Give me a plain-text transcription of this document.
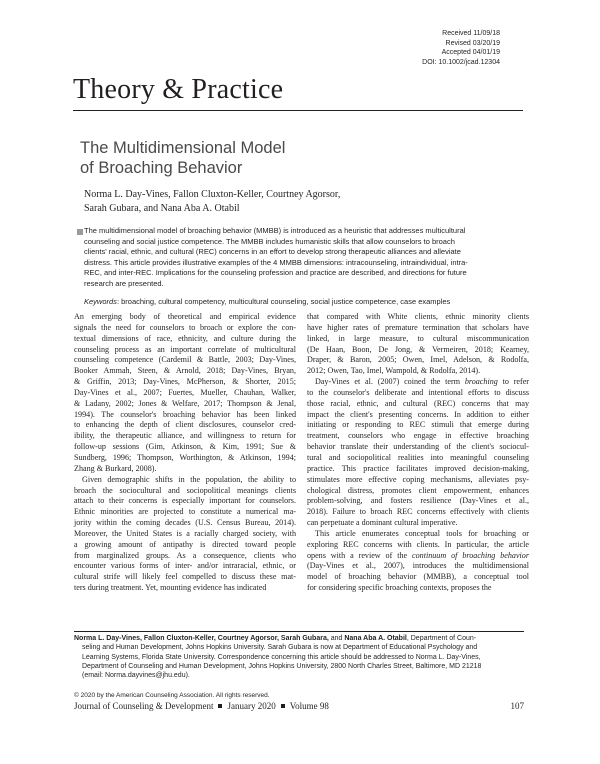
Received 11/09/18
Revised 03/20/19
Accepted 04/01/19
DOI: 10.1002/jcad.12304
Theory & Practice
The Multidimensional Model
of Broaching Behavior
Norma L. Day-Vines, Fallon Cluxton-Keller, Courtney Agorsor,
Sarah Gubara, and Nana Aba A. Otabil
The multidimensional model of broaching behavior (MMBB) is introduced as a heuristic that addresses multicultural
counseling and social justice competence. The MMBB includes humanistic skills that allow counselors to broach
clients' racial, ethnic, and cultural (REC) concerns in an effort to develop strong therapeutic alliances and alleviate
distress. This article provides illustrative examples of the 4 MMBB dimensions: intracounseling, intraindividual, intra-
REC, and inter-REC. Implications for the counseling profession and practice are described, and directions for future
research are presented.
Keywords: broaching, cultural competency, multicultural counseling, social justice competence, case examples
An emerging body of theoretical and empirical evidence
signals the need for counselors to broach or explore the con-
textual dimensions of race, ethnicity, and culture during the
counseling process as an important correlate of multicultural
counseling competence (Cardemil & Battle, 2003; Day-Vines,
Booker Ammah, Steen, & Arnold, 2018; Day-Vines, Bryan,
& Griffin, 2013; Day-Vines, McPherson, & Shorter, 2015;
Day-Vines et al., 2007; Fuertes, Mueller, Chauhan, Walker,
& Ladany, 2002; Jones & Welfare, 2017; Thompson & Jenal,
1994). The counselor's broaching behavior has been linked
to enhancing the depth of client disclosures, counselor cred-
ibility, the therapeutic alliance, and willingness to return for
follow-up sessions (Gim, Atkinson, & Kim, 1991; Sue &
Sundberg, 1996; Thompson, Worthington, & Atkinson, 1994;
Zhang & Burkard, 2008).
Given demographic shifts in the population, the ability to
broach the sociocultural and sociopolitical meanings clients
attach to their concerns is especially important for counselors.
Ethnic minorities are projected to constitute a numerical ma-
jority within the coming decades (U.S. Census Bureau, 2014).
Moreover, the United States is a racially charged society, with
a growing amount of antipathy is directed toward people
from marginalized groups. As a consequence, clients who
encounter various forms of inter- and/or intraracial, ethnic, or
cultural strife will likely feel compelled to discuss these mat-
ters during treatment. Yet, mounting evidence has indicated
that compared with White clients, ethnic minority clients
have higher rates of premature termination that scholars have
linked, in large measure, to cultural miscommunication
(De Haan, Boon, De Jong, & Vermeiren, 2018; Kearney,
Draper, & Baron, 2005; Owen, Imel, Adelson, & Rodolfa,
2012; Owen, Tao, Imel, Wampold, & Rodolfa, 2014).
Day-Vines et al. (2007) coined the term broaching to refer
to the counselor's deliberate and intentional efforts to discuss
those racial, ethnic, and cultural (REC) concerns that may
impact the client's presenting concerns. In addition to either
initiating or responding to REC stimuli that emerge during
treatment, counselors who engage in effective broaching
behavior translate their understanding of the client's sociocul-
tural and sociopolitical realities into meaningful counseling
practice. This practice facilitates improved decision-making,
stimulates more effective coping mechanisms, alleviates psy-
chological distress, promotes client empowerment, enhances
problem-solving, and fosters resilience (Day-Vines et al.,
2018). Failure to broach REC concerns effectively with clients
can perpetuate a dominant cultural imperative.
This article enumerates conceptual tools for broaching or
exploring REC concerns with clients. In particular, the article
opens with a review of the continuum of broaching behavior
(Day-Vines et al., 2007), introduces the multidimensional
model of broaching behavior (MMBB), a conceptual tool
for considering specific broaching contexts, proposes the
Norma L. Day-Vines, Fallon Cluxton-Keller, Courtney Agorsor, Sarah Gubara, and Nana Aba A. Otabil, Department of Coun-
seling and Human Development, Johns Hopkins University. Sarah Gubara is now at Department of Educational Psychology and
Learning Systems, Florida State University. Correspondence concerning this article should be addressed to Norma L. Day-Vines,
Department of Counseling and Human Development, Johns Hopkins University, 2800 North Charles Street, Baltimore, MD 21218
(email: Norma.dayvines@jhu.edu).
© 2020 by the American Counseling Association. All rights reserved.
Journal of Counseling & Development January 2020 Volume 98	107
